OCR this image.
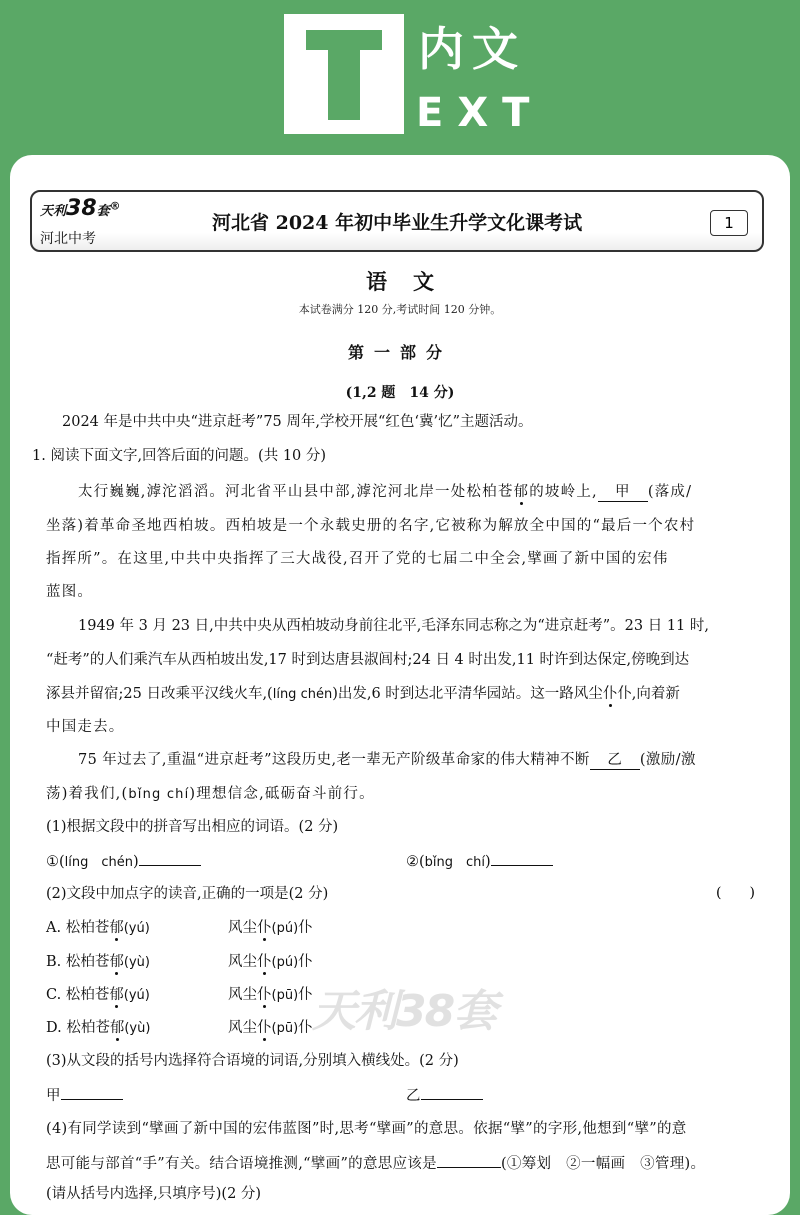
内文
EXT
天利38套®
河北中考
河北省 2024 年初中毕业生升学文化课考试	1
语文
本试卷满分 120 分,考试时间 120 分钟。
第一部分
(1,2 题　14 分)
2024 年是中共中央“进京赶考”75 周年,学校开展“红色‘冀’忆”主题活动。
1. 阅读下面文字,回答后面的问题。(共 10 分)
太行巍巍,滹沱滔滔。河北省平山县中部,滹沱河北岸一处松柏苍郁的坡岭上, 甲 (落成/
坐落)着革命圣地西柏坡。西柏坡是一个永载史册的名字,它被称为解放全中国的“最后一个农村
指挥所”。在这里,中共中央指挥了三大战役,召开了党的七届二中全会,擘画了新中国的宏伟
蓝图。
1949 年 3 月 23 日,中共中央从西柏坡动身前往北平,毛泽东同志称之为“进京赶考”。23 日 11 时,
“赶考”的人们乘汽车从西柏坡出发,17 时到达唐县淑闾村;24 日 4 时出发,11 时许到达保定,傍晚到达
涿县并留宿;25 日改乘平汉线火车,(líng chén)出发,6 时到达北平清华园站。这一路风尘仆仆,向着新
中国走去。
75 年过去了,重温“进京赶考”这段历史,老一辈无产阶级革命家的伟大精神不断 乙 (激励/激
荡)着我们,(bǐng chí)理想信念,砥砺奋斗前行。
(1)根据文段中的拼音写出相应的词语。(2 分)
①(líng　chén)	②(bǐng　chí)
(2)文段中加点字的读音,正确的一项是(2 分)	(　　)
A. 松柏苍郁(yú)	风尘仆(pú)仆
B. 松柏苍郁(yù)	风尘仆(pú)仆
C. 松柏苍郁(yú)	风尘仆(pū)仆
D. 松柏苍郁(yù)	风尘仆(pū)仆 天利38套
(3)从文段的括号内选择符合语境的词语,分别填入横线处。(2 分)
甲	乙
(4)有同学读到“擘画了新中国的宏伟蓝图”时,思考“擘画”的意思。依据“擘”的字形,他想到“擘”的意
思可能与部首“手”有关。结合语境推测,“擘画”的意思应该是	(①筹划　②一幅画　③管理)。
(请从括号内选择,只填序号)(2 分)
